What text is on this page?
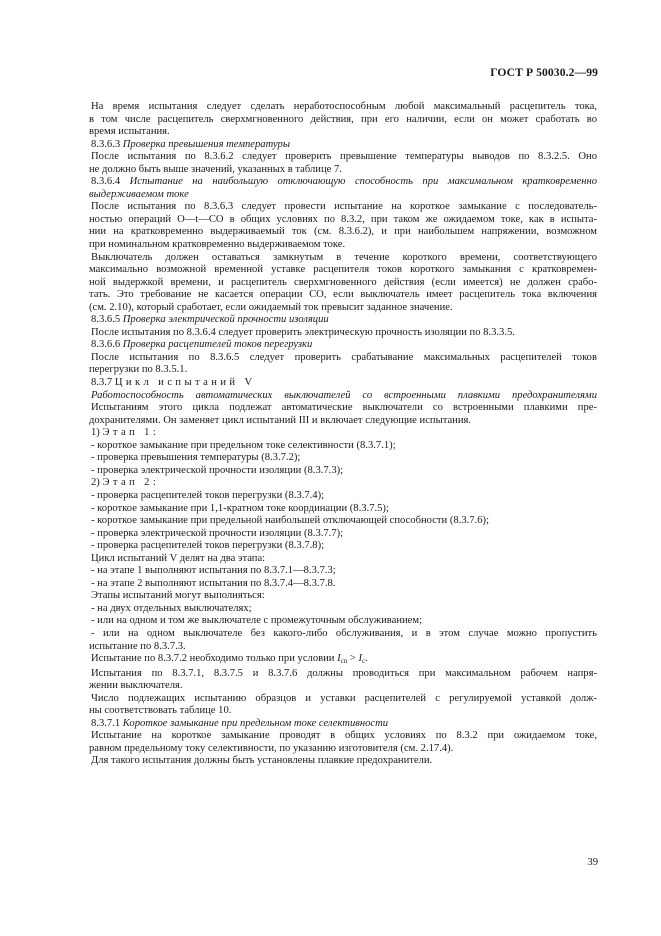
ГОСТ Р 50030.2—99
На время испытания следует сделать неработоспособным любой максимальный расцепитель тока,
в том числе расцепитель сверхмгновенного действия, при его наличии, если он может сработать во
время испытания.
8.3.6.3 Проверка превышения температуры
После испытания по 8.3.6.2 следует проверить превышение температуры выводов по 8.3.2.5. Оно
не должно быть выше значений, указанных в таблице 7.
8.3.6.4 Испытание на наибольшую отключающую способность при максимальном кратковременно
выдерживаемом токе
После испытания по 8.3.6.3 следует провести испытание на короткое замыкание с последователь-
ностью операций О—t—СО в общих условиях по 8.3.2, при таком же ожидаемом токе, как в испыта-
нии на кратковременно выдерживаемый ток (см. 8.3.6.2), и при наибольшем напряжении, возможном
при номинальном кратковременно выдерживаемом токе.
Выключатель должен оставаться замкнутым в течение короткого времени, соответствующего
максимально возможной временной уставке расцепителя токов короткого замыкания с кратковремен-
ной выдержкой времени, и расцепитель сверхмгновенного действия (если имеется) не должен срабо-
тать. Это требование не касается операции СО, если выключатель имеет расцепитель тока включения
(см. 2.10), который сработает, если ожидаемый ток превысит заданное значение.
8.3.6.5 Проверка электрической прочности изоляции
После испытания по 8.3.6.4 следует проверить электрическую прочность изоляции по 8.3.3.5.
8.3.6.6 Проверка расцепителей токов перегрузки
После испытания по 8.3.6.5 следует проверить срабатывание максимальных расцепителей токов
перегрузки по 8.3.5.1.
8.3.7 Цикл испытаний V
Работоспособность автоматических выключателей со встроенными плавкими предохранителями
Испытаниям этого цикла подлежат автоматические выключатели со встроенными плавкими пре-
дохранителями. Он заменяет цикл испытаний III и включает следующие испытания.
1) Этап 1:
- короткое замыкание при предельном токе селективности (8.3.7.1);
- проверка превышения температуры (8.3.7.2);
- проверка электрической прочности изоляции (8.3.7.3);
2) Этап 2:
- проверка расцепителей токов перегрузки (8.3.7.4);
- короткое замыкание при 1,1-кратном токе координации (8.3.7.5);
- короткое замыкание при предельной наибольшей отключающей способности (8.3.7.6);
- проверка электрической прочности изоляции (8.3.7.7);
- проверка расцепителей токов перегрузки (8.3.7.8);
Цикл испытаний V делят на два этапа:
- на этапе 1 выполняют испытания по 8.3.7.1—8.3.7.3;
- на этапе 2 выполняют испытания по 8.3.7.4—8.3.7.8.
Этапы испытаний могут выполняться:
- на двух отдельных выключателях;
- или на одном и том же выключателе с промежуточным обслуживанием;
- или на одном выключателе без какого-либо обслуживания, и в этом случае можно пропустить
испытание по 8.3.7.3.
Испытание по 8.3.7.2 необходимо только при условии $I_{cn} > I_c$.
Испытания по 8.3.7.1, 8.3.7.5 и 8.3.7.6 должны проводиться при максимальном рабочем напря-
жении выключателя.
Число подлежащих испытанию образцов и уставки расцепителей с регулируемой уставкой долж-
ны соответствовать таблице 10.
8.3.7.1 Короткое замыкание при предельном токе селективности
Испытание на короткое замыкание проводят в общих условиях по 8.3.2 при ожидаемом токе,
равном предельному току селективности, по указанию изготовителя (см. 2.17.4).
Для такого испытания должны быть установлены плавкие предохранители.
39
